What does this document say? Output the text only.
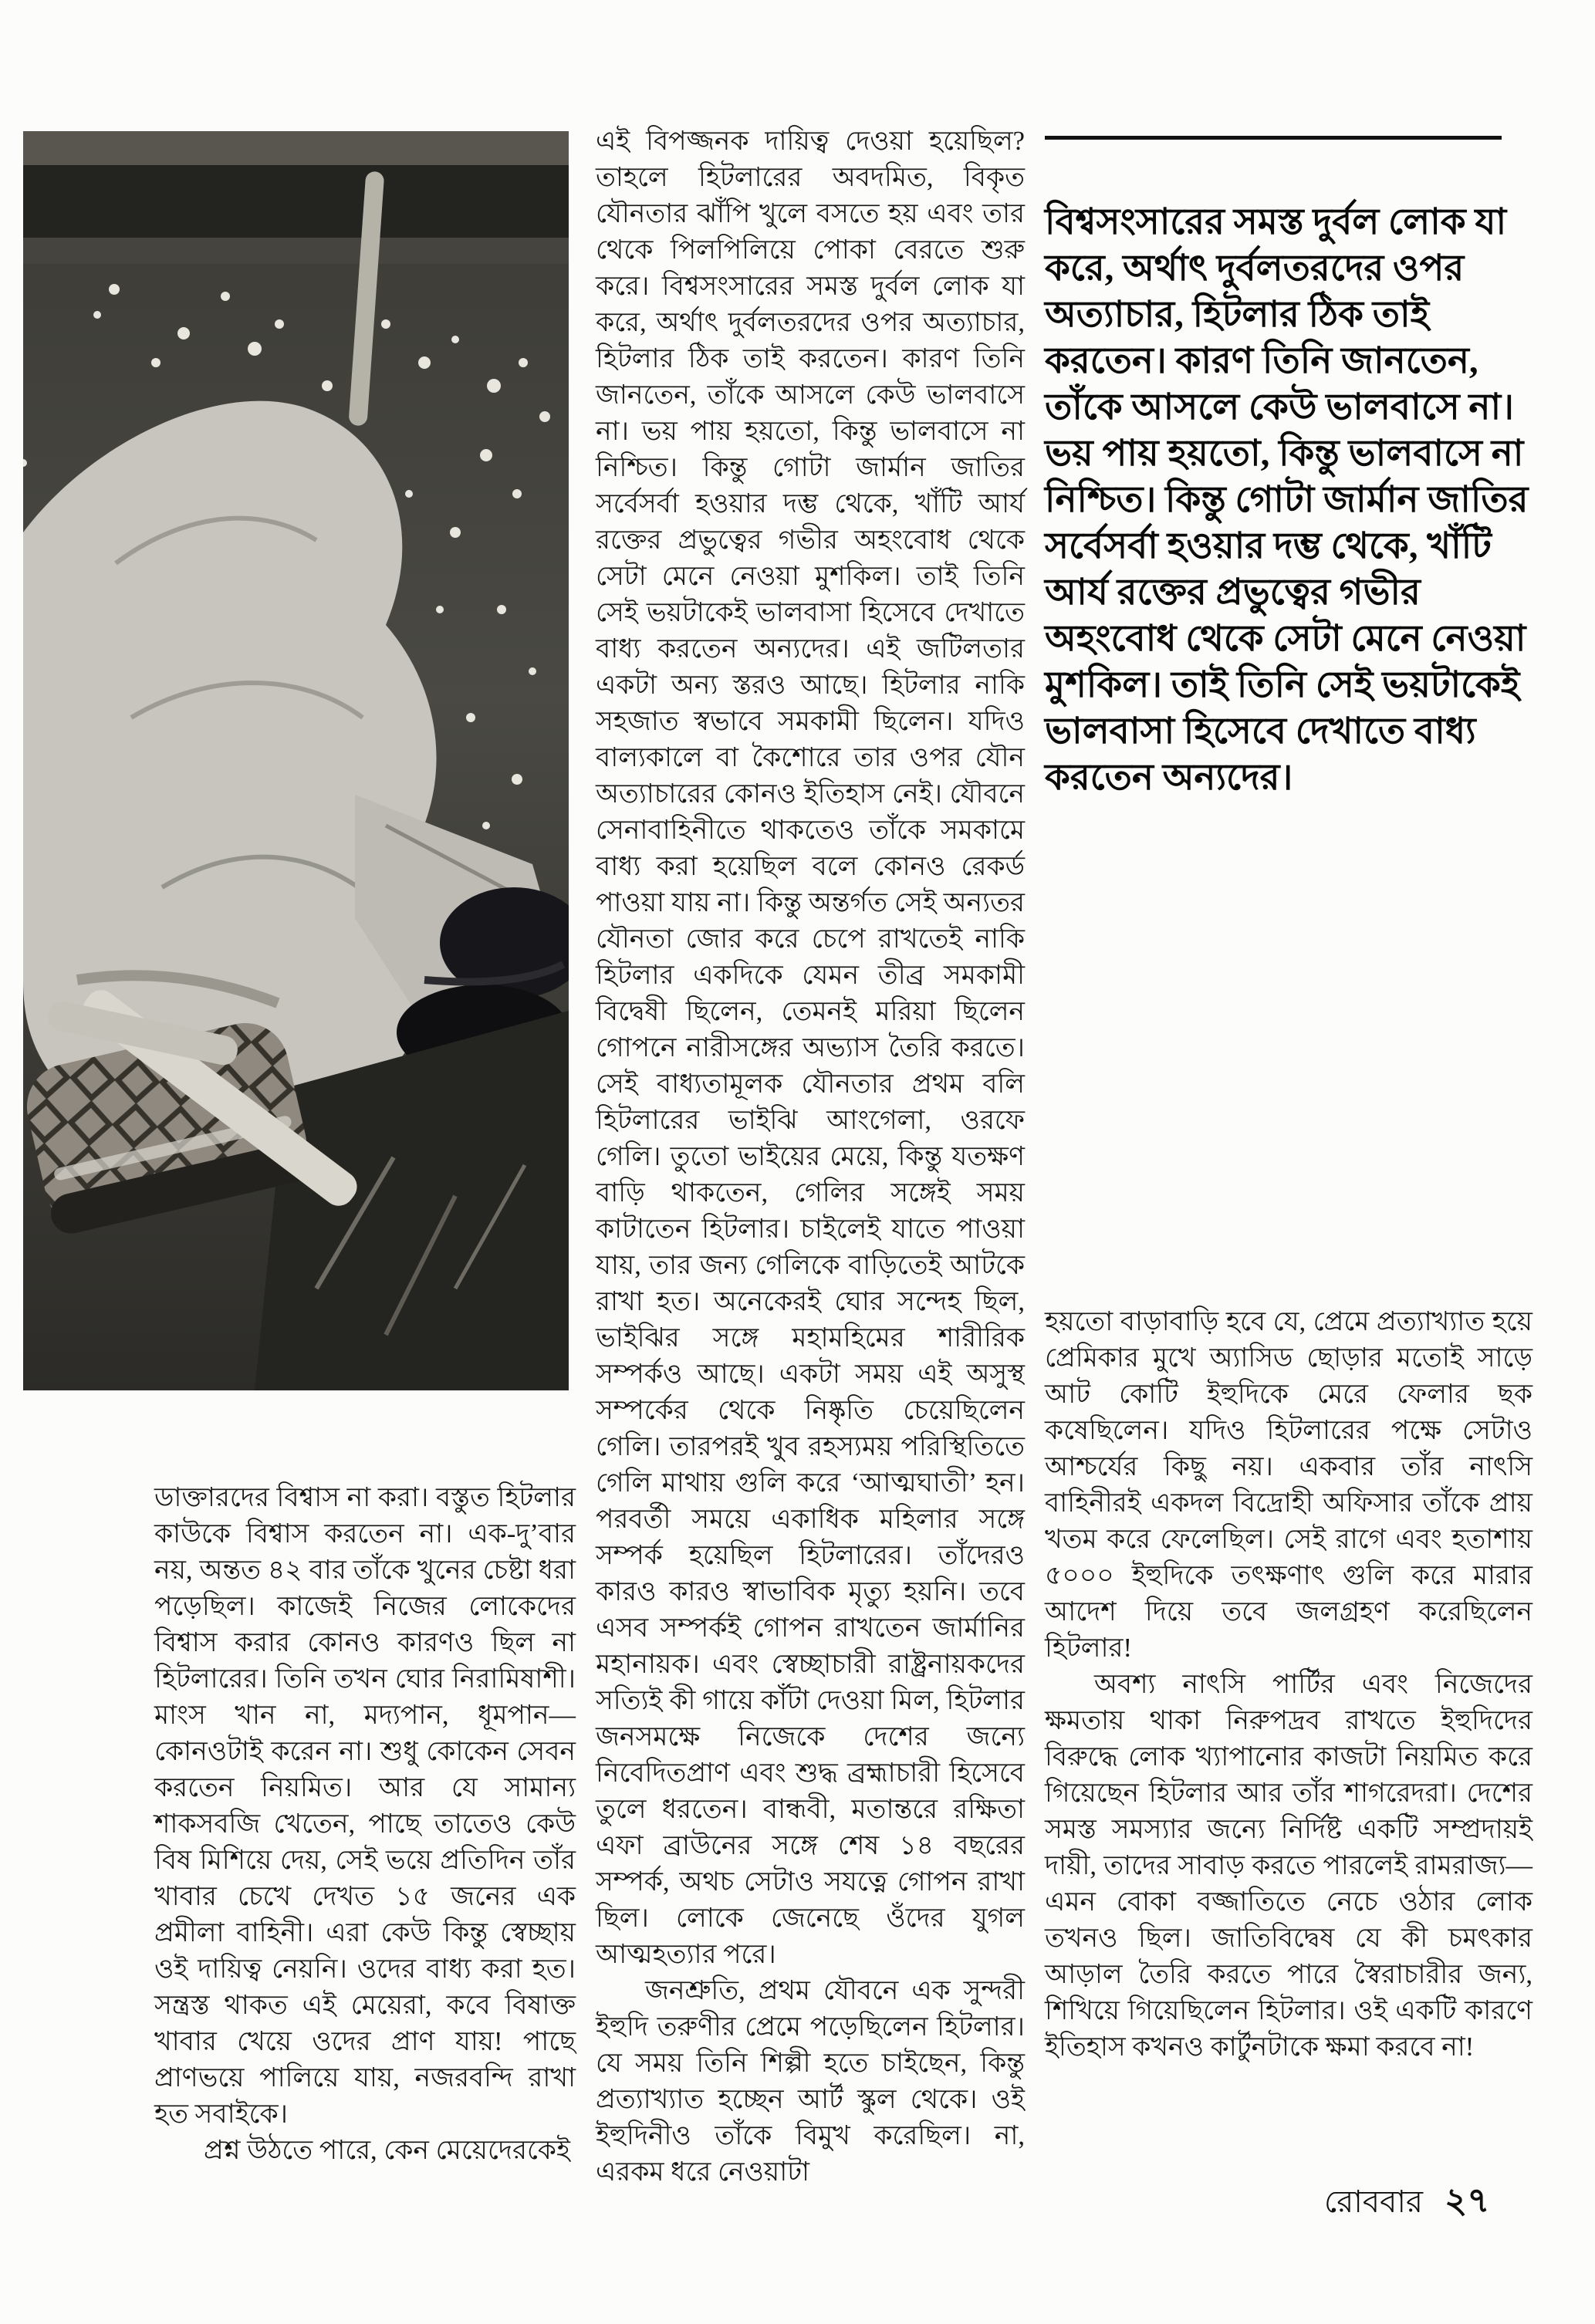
বিশ্বসংসারের সমস্ত দুর্বল লোক যা করে, অর্থাৎ দুর্বলতরদের ওপর অত্যাচার, হিটলার ঠিক তাই করতেন। কারণ তিনি জানতেন, তাঁকে আসলে কেউ ভালবাসে না। ভয় পায় হয়তো, কিন্তু ভালবাসে না নিশ্চিত। কিন্তু গোটা জার্মান জাতির সর্বেসর্বা হওয়ার দম্ভ থেকে, খাঁটি আর্য রক্তের প্রভুত্বের গভীর অহংবোধ থেকে সেটা মেনে নেওয়া মুশকিল। তাই তিনি সেই ভয়টাকেই ভালবাসা হিসেবে দেখাতে বাধ্য করতেন অন্যদের।

এই বিপজ্জনক দায়িত্ব দেওয়া হয়েছিল? তাহলে হিটলারের অবদমিত, বিকৃত যৌনতার ঝাঁপি খুলে বসতে হয় এবং তার থেকে পিলপিলিয়ে পোকা বেরতে শুরু করে। বিশ্বসংসারের সমস্ত দুর্বল লোক যা করে, অর্থাৎ দুর্বলতরদের ওপর অত্যাচার, হিটলার ঠিক তাই করতেন। কারণ তিনি জানতেন, তাঁকে আসলে কেউ ভালবাসে না। ভয় পায় হয়তো, কিন্তু ভালবাসে না নিশ্চিত। কিন্তু গোটা জার্মান জাতির সর্বেসর্বা হওয়ার দম্ভ থেকে, খাঁটি আর্য রক্তের প্রভুত্বের গভীর অহংবোধ থেকে সেটা মেনে নেওয়া মুশকিল। তাই তিনি সেই ভয়টাকেই ভালবাসা হিসেবে দেখাতে বাধ্য করতেন অন্যদের। এই জটিলতার একটা অন্য স্তরও আছে। হিটলার নাকি সহজাত স্বভাবে সমকামী ছিলেন। যদিও বাল্যকালে বা কৈশোরে তার ওপর যৌন অত্যাচারের কোনও ইতিহাস নেই। যৌবনে সেনাবাহিনীতে থাকতেও তাঁকে সমকামে বাধ্য করা হয়েছিল বলে কোনও রেকর্ড পাওয়া যায় না। কিন্তু অন্তর্গত সেই অন্যতর যৌনতা জোর করে চেপে রাখতেই নাকি হিটলার একদিকে যেমন তীব্র সমকামী বিদ্বেষী ছিলেন, তেমনই মরিয়া ছিলেন গোপনে নারীসঙ্গের অভ্যাস তৈরি করতে। সেই বাধ্যতামূলক যৌনতার প্রথম বলি হিটলারের ভাইঝি আংগেলা, ওরফে গেলি। তুতো ভাইয়ের মেয়ে, কিন্তু যতক্ষণ বাড়ি থাকতেন, গেলির সঙ্গেই সময় কাটাতেন হিটলার। চাইলেই যাতে পাওয়া যায়, তার জন্য গেলিকে বাড়িতেই আটকে রাখা হত। অনেকেরই ঘোর সন্দেহ ছিল, ভাইঝির সঙ্গে মহামহিমের শারীরিক সম্পর্কও আছে। একটা সময় এই অসুস্থ সম্পর্কের থেকে নিষ্কৃতি চেয়েছিলেন গেলি। তারপরই খুব রহস্যময় পরিস্থিতিতে গেলি মাথায় গুলি করে ‘আত্মঘাতী’ হন। পরবর্তী সময়ে একাধিক মহিলার সঙ্গে সম্পর্ক হয়েছিল হিটলারের। তাঁদেরও কারও কারও স্বাভাবিক মৃত্যু হয়নি। তবে এসব সম্পর্কই গোপন রাখতেন জার্মানির মহানায়ক। এবং স্বেচ্ছাচারী রাষ্ট্রনায়কদের সত্যিই কী গায়ে কাঁটা দেওয়া মিল, হিটলার জনসমক্ষে নিজেকে দেশের জন্যে নিবেদিতপ্রাণ এবং শুদ্ধ ব্রহ্মাচারী হিসেবে তুলে ধরতেন। বান্ধবী, মতান্তরে রক্ষিতা এফা ব্রাউনের সঙ্গে শেষ ১৪ বছরের সম্পর্ক, অথচ সেটাও সযত্নে গোপন রাখা ছিল। লোকে জেনেছে ওঁদের যুগল আত্মহত্যার পরে।

জনশ্রুতি, প্রথম যৌবনে এক সুন্দরী ইহুদি তরুণীর প্রেমে পড়েছিলেন হিটলার। যে সময় তিনি শিল্পী হতে চাইছেন, কিন্তু প্রত্যাখ্যাত হচ্ছেন আর্ট স্কুল থেকে। ওই ইহুদিনীও তাঁকে বিমুখ করেছিল। না, এরকম ধরে নেওয়াটা

ডাক্তারদের বিশ্বাস না করা। বস্তুত হিটলার কাউকে বিশ্বাস করতেন না। এক-দু’বার নয়, অন্তত ৪২ বার তাঁকে খুনের চেষ্টা ধরা পড়েছিল। কাজেই নিজের লোকেদের বিশ্বাস করার কোনও কারণও ছিল না হিটলারের। তিনি তখন ঘোর নিরামিষাশী। মাংস খান না, মদ্যপান, ধূমপান— কোনওটাই করেন না। শুধু কোকেন সেবন করতেন নিয়মিত। আর যে সামান্য শাকসবজি খেতেন, পাছে তাতেও কেউ বিষ মিশিয়ে দেয়, সেই ভয়ে প্রতিদিন তাঁর খাবার চেখে দেখত ১৫ জনের এক প্রমীলা বাহিনী। এরা কেউ কিন্তু স্বেচ্ছায় ওই দায়িত্ব নেয়নি। ওদের বাধ্য করা হত। সন্ত্রস্ত থাকত এই মেয়েরা, কবে বিষাক্ত খাবার খেয়ে ওদের প্রাণ যায়! পাছে প্রাণভয়ে পালিয়ে যায়, নজরবন্দি রাখা হত সবাইকে।

প্রশ্ন উঠতে পারে, কেন মেয়েদেরকেই

হয়তো বাড়াবাড়ি হবে যে, প্রেমে প্রত্যাখ্যাত হয়ে প্রেমিকার মুখে অ্যাসিড ছোড়ার মতোই সাড়ে আট কোটি ইহুদিকে মেরে ফেলার ছক কষেছিলেন। যদিও হিটলারের পক্ষে সেটাও আশ্চর্যের কিছু নয়। একবার তাঁর নাৎসি বাহিনীরই একদল বিদ্রোহী অফিসার তাঁকে প্রায় খতম করে ফেলেছিল। সেই রাগে এবং হতাশায় ৫০০০ ইহুদিকে তৎক্ষণাৎ গুলি করে মারার আদেশ দিয়ে তবে জলগ্রহণ করেছিলেন হিটলার!

অবশ্য নাৎসি পার্টির এবং নিজেদের ক্ষমতায় থাকা নিরুপদ্রব রাখতে ইহুদিদের বিরুদ্ধে লোক খ্যাপানোর কাজটা নিয়মিত করে গিয়েছেন হিটলার আর তাঁর শাগরেদরা। দেশের সমস্ত সমস্যার জন্যে নির্দিষ্ট একটি সম্প্রদায়ই দায়ী, তাদের সাবাড় করতে পারলেই রামরাজ্য— এমন বোকা বজ্জাতিতে নেচে ওঠার লোক তখনও ছিল। জাতিবিদ্বেষ যে কী চমৎকার আড়াল তৈরি করতে পারে স্বৈরাচারীর জন্য, শিখিয়ে গিয়েছিলেন হিটলার। ওই একটি কারণে ইতিহাস কখনও কার্টুনটাকে ক্ষমা করবে না!

রোববার ২৭
